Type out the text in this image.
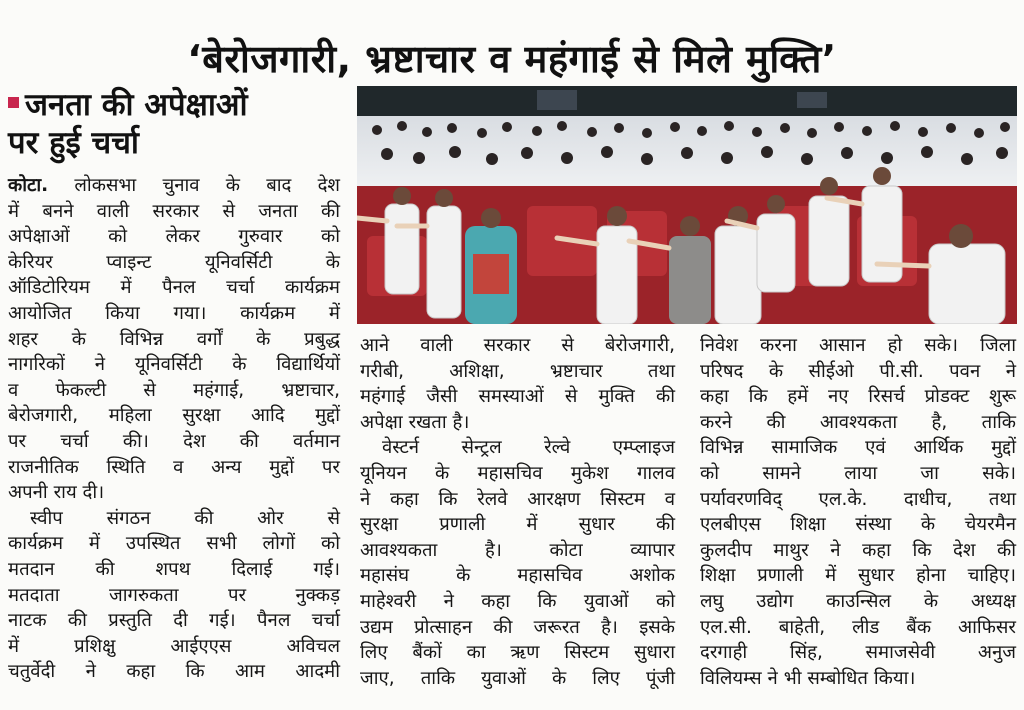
‘बेरोजगारी, भ्रष्टाचार व महंगाई से मिले मुक्ति’
जनता की अपेक्षाओं
पर हुई चर्चा

कोटा. लोकसभा चुनाव के बाद देश

में बनने वाली सरकार से जनता की

अपेक्षाओं को लेकर गुरुवार को

केरियर प्वाइन्ट यूनिवर्सिटी के

ऑडिटोरियम में पैनल चर्चा कार्यक्रम

आयोजित किया गया। कार्यक्रम में

शहर के विभिन्न वर्गों के प्रबुद्ध

नागरिकों ने यूनिवर्सिटी के विद्यार्थियों

व फेकल्टी से महंगाई, भ्रष्टाचार,

बेरोजगारी, महिला सुरक्षा आदि मुद्दों

पर चर्चा की। देश की वर्तमान

राजनीतिक स्थिति व अन्य मुद्दों पर

अपनी राय दी।

स्वीप संगठन की ओर से

कार्यक्रम में उपस्थित सभी लोगों को

मतदान की शपथ दिलाई गई।

मतदाता जागरुकता पर नुक्कड़

नाटक की प्रस्तुति दी गई। पैनल चर्चा

में प्रशिक्षु आईएएस अविचल

चतुर्वेदी ने कहा कि आम आदमी

आने वाली सरकार से बेरोजगारी,

गरीबी, अशिक्षा, भ्रष्टाचार तथा

महंगाई जैसी समस्याओं से मुक्ति की

अपेक्षा रखता है।

वेस्टर्न सेन्ट्रल रेल्वे एम्प्लाइज

यूनियन के महासचिव मुकेश गालव

ने कहा कि रेलवे आरक्षण सिस्टम व

सुरक्षा प्रणाली में सुधार की

आवश्यकता है। कोटा व्यापार

महासंघ के महासचिव अशोक

माहेश्वरी ने कहा कि युवाओं को

उद्यम प्रोत्साहन की जरूरत है। इसके

लिए बैंकों का ऋण सिस्टम सुधारा

जाए, ताकि युवाओं के लिए पूंजी

निवेश करना आसान हो सके। जिला

परिषद के सीईओ पी.सी. पवन ने

कहा कि हमें नए रिसर्च प्रोडक्ट शुरू

करने की आवश्यकता है, ताकि

विभिन्न सामाजिक एवं आर्थिक मुद्दों

को सामने लाया जा सके।

पर्यावरणविद् एल.के. दाधीच, तथा

एलबीएस शिक्षा संस्था के चेयरमैन

कुलदीप माथुर ने कहा कि देश की

शिक्षा प्रणाली में सुधार होना चाहिए।

लघु उद्योग काउन्सिल के अध्यक्ष

एल.सी. बाहेती, लीड बैंक आफिसर

दरगाही सिंह, समाजसेवी अनुज

विलियम्स ने भी सम्बोधित किया।
